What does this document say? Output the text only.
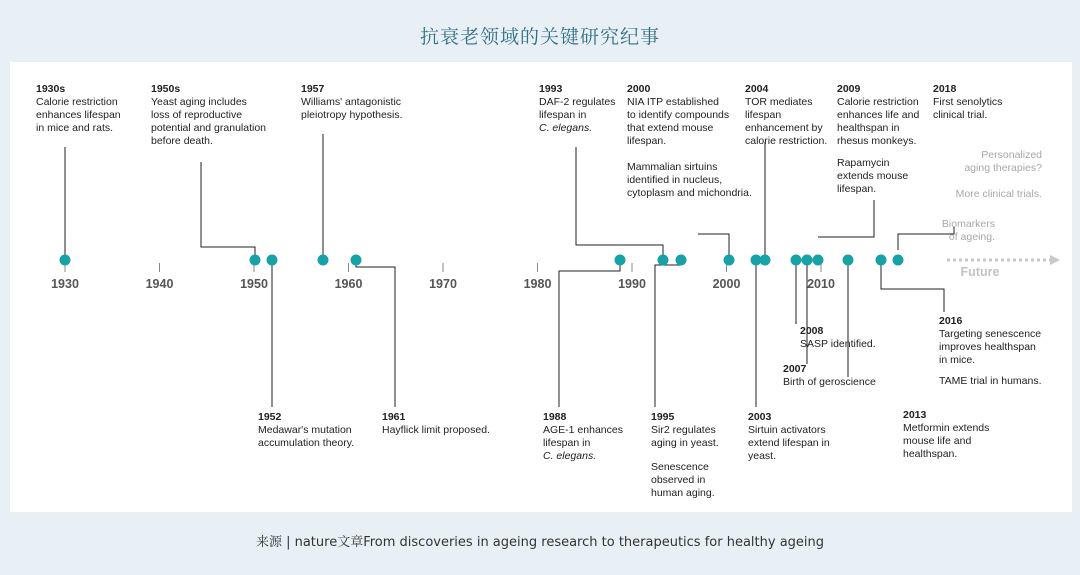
抗衰老领域的关键研究纪事
1930	1940	1950	1960	1970	1980	1990	2000	2010
Future
1930s
Calorie restriction
enhances lifespan
in mice and rats.
1950s
Yeast aging includes
loss of reproductive
potential and granulation
before death.
1957
Williams' antagonistic
pleiotropy hypothesis.
1993
DAF-2 regulates
lifespan in
C. elegans.
2000
NIA ITP established
to identify compounds
that extend mouse
lifespan.
Mammalian sirtuins
identified in nucleus,
cytoplasm and michondria.
2004
TOR mediates
lifespan
enhancement by
calorie restriction.
2009
Calorie restriction
enhances life and
healthspan in
rhesus monkeys.
Rapamycin
extends mouse
lifespan.
2018
First senolytics
clinical trial.
Personalized
aging therapies?
More clinical trials.
Biomarkers
of ageing.
1952
Medawar's mutation
accumulation theory.
1961
Hayflick limit proposed.
1988
AGE-1 enhances
lifespan in
C. elegans.
1995
Sir2 regulates
aging in yeast.
Senescence
observed in
human aging.
2003
Sirtuin activators
extend lifespan in
yeast.
2008
SASP identified.
2007
Birth of geroscience
2016
Targeting senescence
improves healthspan
in mice.
TAME trial in humans.
2013
Metformin extends
mouse life and
healthspan.
来源 | nature文章From discoveries in ageing research to therapeutics for healthy ageing
